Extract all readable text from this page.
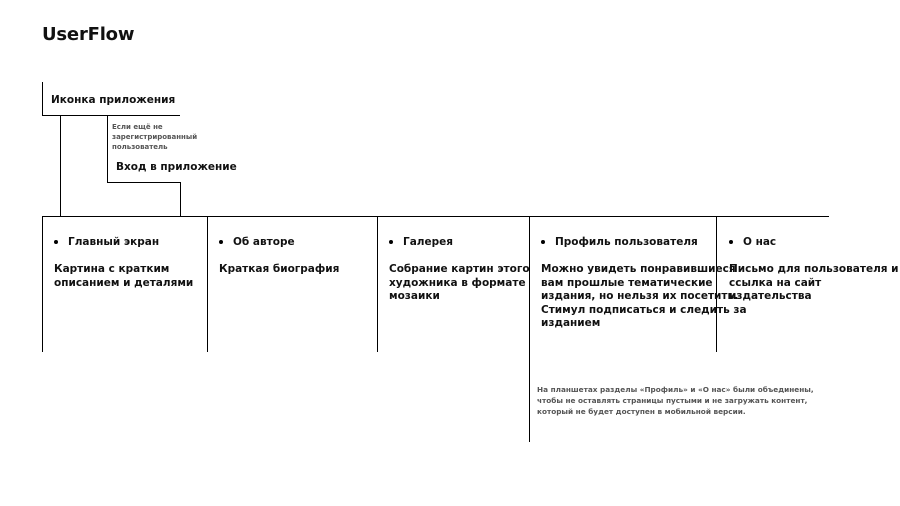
UserFlow
Иконка приложения
Если ещё не
зарегистрированный
пользователь
Вход в приложение
Главный экран
Картина с кратким
описанием и деталями
Об авторе
Краткая биография
Галерея
Собрание картин этого
художника в формате
мозаики
Профиль пользователя
Можно увидеть понравившиеся
вам прошлые тематические
издания, но нельзя их посетить.
Стимул подписаться и следить за
изданием
О нас
Письмо для пользователя и
ссылка на сайт
издательства
На планшетах разделы «Профиль» и «О нас» были объединены,
чтобы не оставлять страницы пустыми и не загружать контент,
который не будет доступен в мобильной версии.
